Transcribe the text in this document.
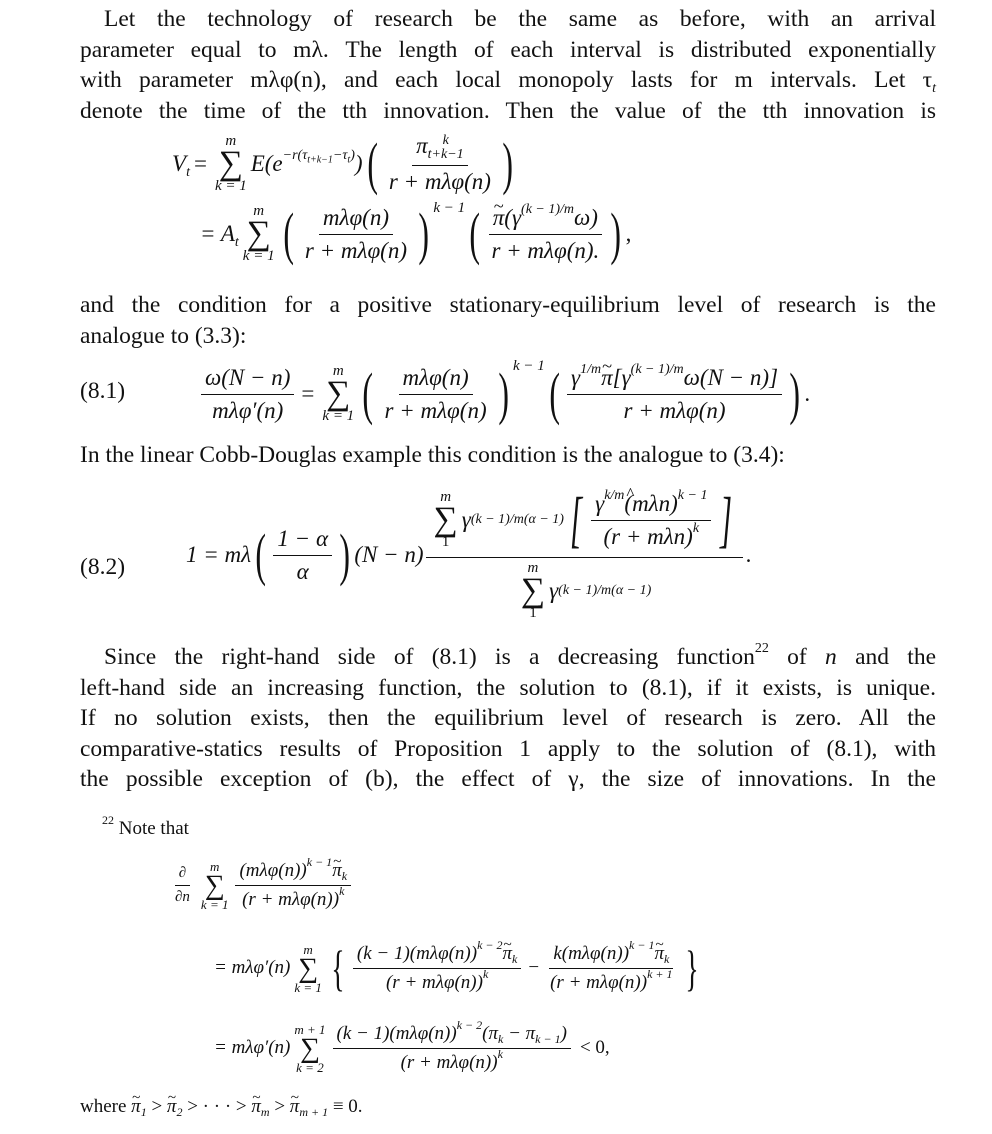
Let the technology of research be the same as before, with an arrival
parameter equal to mλ. The length of each interval is distributed exponentially
with parameter mλφ(n), and each local monopoly lasts for m intervals. Let $\tau_t$
denote the time of the tth innovation. Then the value of the tth innovation is
$V_t$ =
m
∑
k = 1
$E(e^{-r(\tau_{t+k-1}-\tau_t)})$ ( π	k
t+k−1
r + mλφ(n) )
= $A_t$
m
∑
k = 1 ( $\frac{\text{mλφ(n)}}{\text{r + mλφ(n)}}$ ) k − 1 ( ~ $\frac{\pi(\gamma^{(k - 1)/m}\omega)}{\text{r + mλφ(n).}}$ ) ,
and the condition for a positive stationary-equilibrium level of research is the
analogue to (3.3):
(8.1)	$\frac{\omega(N - n)}{\text{mλφ′(n)}}$ =
m
∑
k = 1 ( $\frac{\text{mλφ(n)}}{\text{r + mλφ(n)}}$ ) k − 1 ( $\frac{\gamma^{1/m}\sim \pi[\gamma^{(k - 1)/m}\omega(N - n)]}{\text{r + mλφ(n)}}$ ) .
In the linear Cobb-Douglas example this condition is the analogue to (3.4):
(8.2)	1 = mλ ( $\frac{1 - \alpha}{\alpha}$ ) (N − n)
m
∑
1
γ (k − 1)/m(α − 1) [ $\frac{\gamma^{k/m}\^{} (m\lambda n)^{k - 1}}{(r + m\lambda n)^k}$ ]
m
∑
1
γ (k − 1)/m(α − 1)
.
Since the right-hand side of (8.1) is a decreasing function$^{22}$ of n and the
left-hand side an increasing function, the solution to (8.1), if it exists, is unique.
If no solution exists, then the equilibrium level of research is zero. All the
comparative-statics results of Proposition 1 apply to the solution of (8.1), with
the possible exception of (b), the effect of γ, the size of innovations. In the
$^{22}$ Note that
$\frac{\partial}{\partial n}$ m
∑
$k = 1 \frac{(m\lambda\varphi(n))^{k - 1}\sim \pi_k}{(r + m\lambda\varphi(n))^k}$
= mλφ′(n)
m
∑
k = 1 { $\frac{(k - 1)(m\lambda\varphi(n))^{k - 2}\sim \pi_k}{(r + m\lambda\varphi(n))^k} - \frac{k(m\lambda\varphi(n))^{k - 1}\sim \pi_k}{(r + m\lambda\varphi(n))^{k + 1}}$ }
= mλφ′(n)
m + 1
∑
$k = 2 \frac{(k - 1)(m\lambda\varphi(n))^{k - 2}(\pi_k - \pi_{k - 1})}{(r + m\lambda\varphi(n))^k} < 0$,
where ~ $\pi_1$ > ~ $\pi_2$ > · · · > ~ $\pi_m$ > ~ $\pi_{m + 1} \equiv 0$.
